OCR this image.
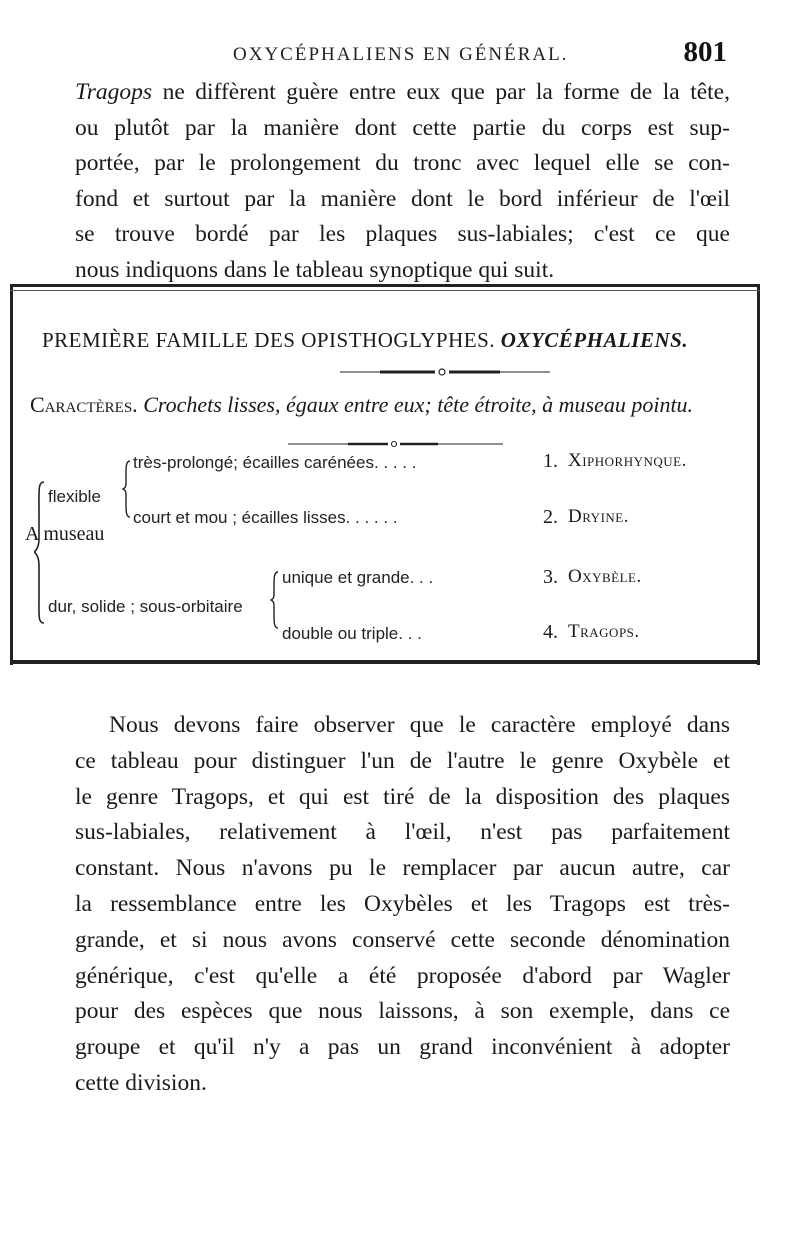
OXYCÉPHALIENS EN GÉNÉRAL.	801
Tragops ne diffèrent guère entre eux que par la forme de la tête,
ou plutôt par la manière dont cette partie du corps est sup-
portée, par le prolongement du tronc avec lequel elle se con-
fond et surtout par la manière dont le bord inférieur de l'œil
se trouve bordé par les plaques sus-labiales; c'est ce que
nous indiquons dans le tableau synoptique qui suit.
PREMIÈRE FAMILLE DES OPISTHOGLYPHES. OXYCÉPHALIENS.
Caractères. Crochets lisses, égaux entre eux; tête étroite, à museau pointu.
A museau
flexible
dur, solide ; sous-orbitaire
très-prolongé; écailles carénées. . . . .
court et mou ; écailles lisses. . . . . .
unique et grande. . .
double ou triple. . .
1.
2.
3.
4.
Xiphorhynque.
Dryine.
Oxybèle.
Tragops.
Nous devons faire observer que le caractère employé dans
ce tableau pour distinguer l'un de l'autre le genre Oxybèle et
le genre Tragops, et qui est tiré de la disposition des plaques
sus-labiales, relativement à l'œil, n'est pas parfaitement
constant. Nous n'avons pu le remplacer par aucun autre, car
la ressemblance entre les Oxybèles et les Tragops est très-
grande, et si nous avons conservé cette seconde dénomination
générique, c'est qu'elle a été proposée d'abord par Wagler
pour des espèces que nous laissons, à son exemple, dans ce
groupe et qu'il n'y a pas un grand inconvénient à adopter
cette division.
